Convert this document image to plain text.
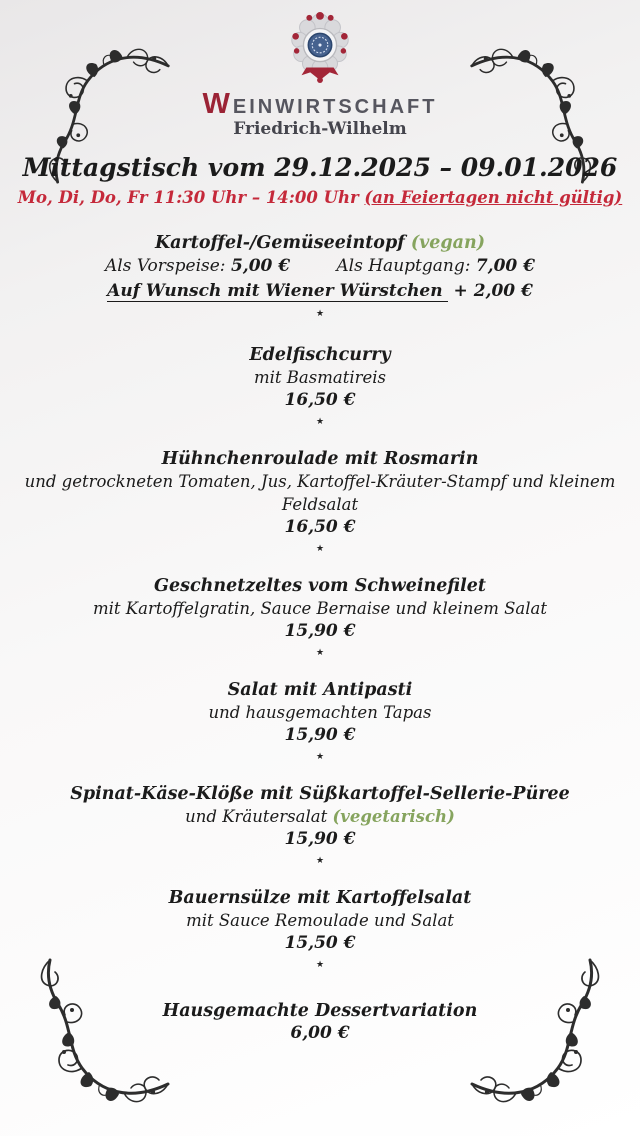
WEINWIRTSCHAFT
Friedrich-Wilhelm
Mittagstisch vom 29.12.2025 – 09.01.2026
Mo, Di, Do, Fr 11:30 Uhr – 14:00 Uhr (an Feiertagen nicht gültig)
Kartoffel-/Gemüseeintopf (vegan)
Als Vorspeise: 5,00 €	Als Hauptgang: 7,00 €
Auf Wunsch mit Wiener Würstchen + 2,00 €
★
Edelfischcurry
mit Basmatireis
16,50 €
★
Hühnchenroulade mit Rosmarin
und getrockneten Tomaten, Jus, Kartoffel-Kräuter-Stampf und kleinem Feldsalat
16,50 €
★
Geschnetzeltes vom Schweinefilet
mit Kartoffelgratin, Sauce Bernaise und kleinem Salat
15,90 €
★
Salat mit Antipasti
und hausgemachten Tapas
15,90 €
★
Spinat-Käse-Klöße mit Süßkartoffel-Sellerie-Püree
und Kräutersalat (vegetarisch)
15,90 €
★
Bauernsülze mit Kartoffelsalat
mit Sauce Remoulade und Salat
15,50 €
★
Hausgemachte Dessertvariation
6,00 €
